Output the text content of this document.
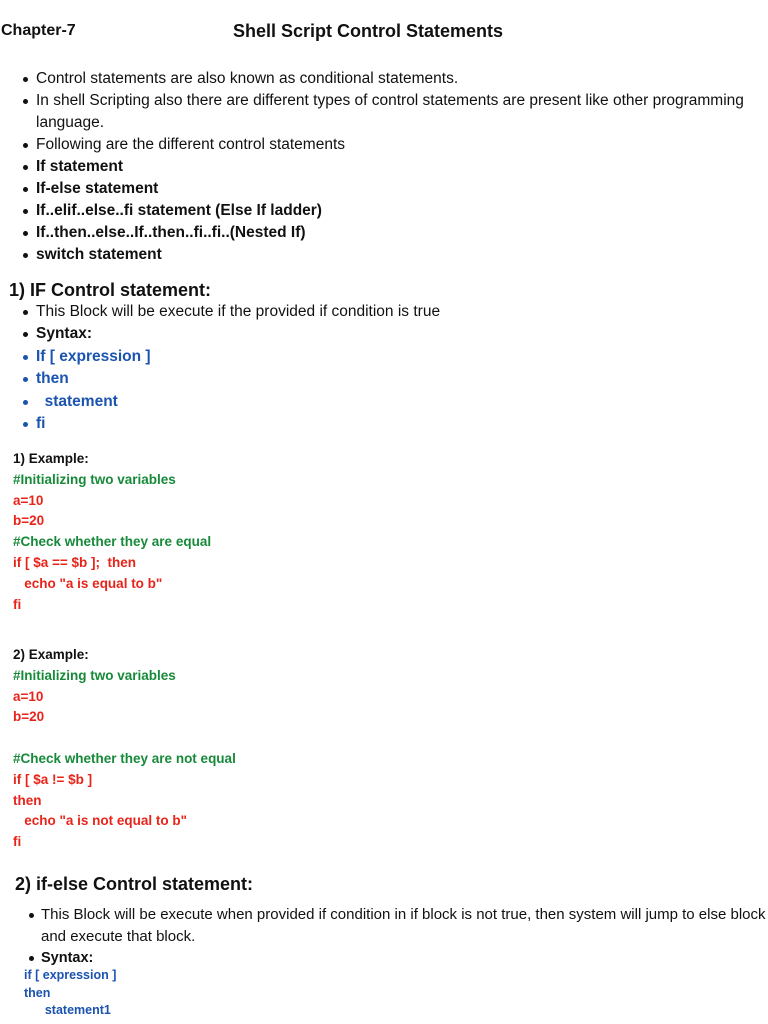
Chapter-7	Shell Script Control Statements
Control statements are also known as conditional statements.
In shell Scripting also there are different types of control statements are present like other programming language.
Following are the different control statements
If statement
If-else statement
If..elif..else..fi statement (Else If ladder)
If..then..else..If..then..fi..fi..(Nested If)
switch statement
1) IF Control statement:
This Block will be execute if the provided if condition is true
Syntax:
If [ expression ]
then
statement
fi
1) Example:
#Initializing two variables
a=10
b=20
#Check whether they are equal
if [ $a == $b ];  then
echo "a is equal to b"
fi
2) Example:
#Initializing two variables
a=10
b=20
#Check whether they are not equal
if [ $a != $b ]
then
echo "a is not equal to b"
fi
2) if-else Control statement:
This Block will be execute when provided if condition in if block is not true, then system will jump to else block and execute that block.
Syntax:
if [ expression ]
then
statement1
